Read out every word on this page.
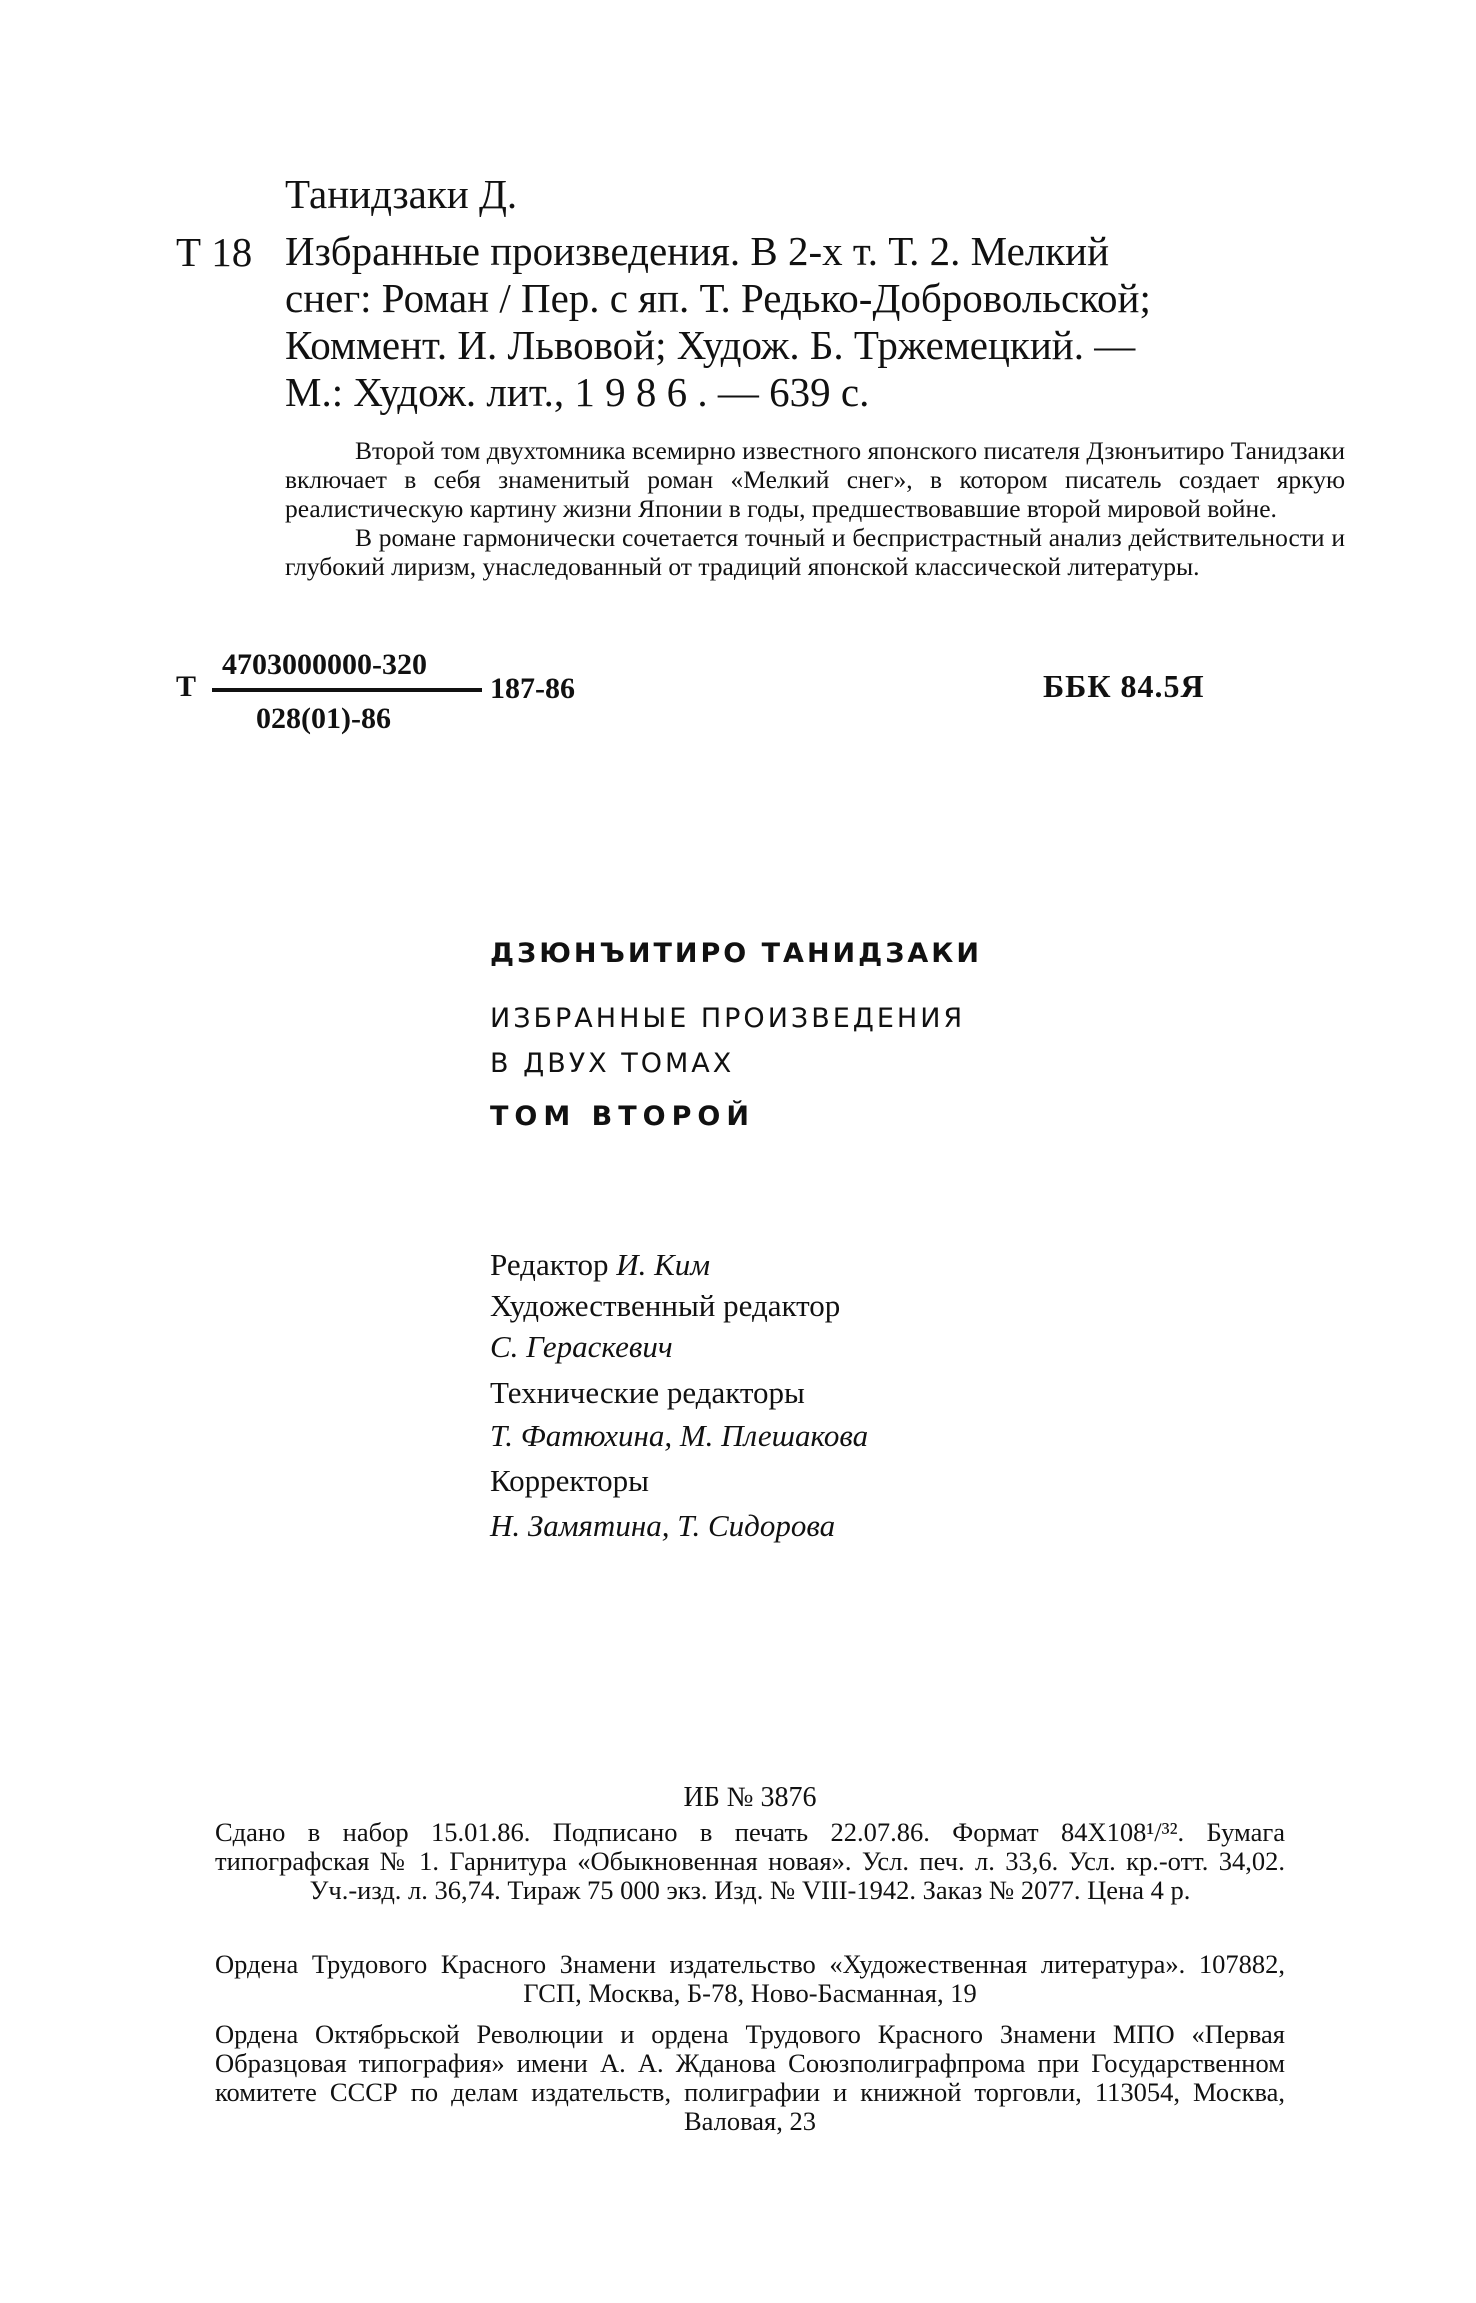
Танидзаки Д.
Т 18 Избранные произведения. В 2-х т. Т. 2. Мелкий
снег: Роман / Пер. с яп. Т. Редько-Добровольской;
Коммент. И. Львовой; Худож. Б. Тржемецкий. —
М.: Худож. лит., 1 9 8 6 . — 639 с.

Второй том двухтомника всемирно известного японского писателя Дзюнъитиро Танидзаки включает в себя знаменитый роман «Мелкий снег», в котором писатель создает яркую реалистическую картину жизни Японии в годы, предшествовавшие второй мировой войне.

В романе гармонически сочетается точный и беспристрастный анализ действительности и глубокий лиризм, унаследованный от традиций японской классической литературы.

Т
4703000000-320
028(01)-86
187-86	ББК 84.5Я
ДЗЮНЪИТИРО ТАНИДЗАКИ
ИЗБРАННЫЕ ПРОИЗВЕДЕНИЯ
В ДВУХ ТОМАХ
ТОМ ВТОРОЙ
Редактор И. Ким
Художественный редактор
С. Гераскевич
Технические редакторы
Т. Фатюхина, М. Плешакова
Корректоры
Н. Замятина, Т. Сидорова
ИБ № 3876
Сдано в набор 15.01.86. Подписано в печать 22.07.86. Формат 84X108¹/³². Бумага типографская № 1. Гарнитура «Обыкновенная новая». Усл. печ. л. 33,6. Усл. кр.-отт. 34,02. Уч.-изд. л. 36,74. Тираж 75 000 экз. Изд. № VIII-1942. Заказ № 2077. Цена 4 р.
Ордена Трудового Красного Знамени издательство «Художественная литература». 107882, ГСП, Москва, Б-78, Ново-Басманная, 19
Ордена Октябрьской Революции и ордена Трудового Красного Знамени МПО «Первая Образцовая типография» имени А. А. Жданова Союзполиграфпрома при Государственном комитете СССР по делам издательств, полиграфии и книжной торговли, 113054, Москва, Валовая, 23
